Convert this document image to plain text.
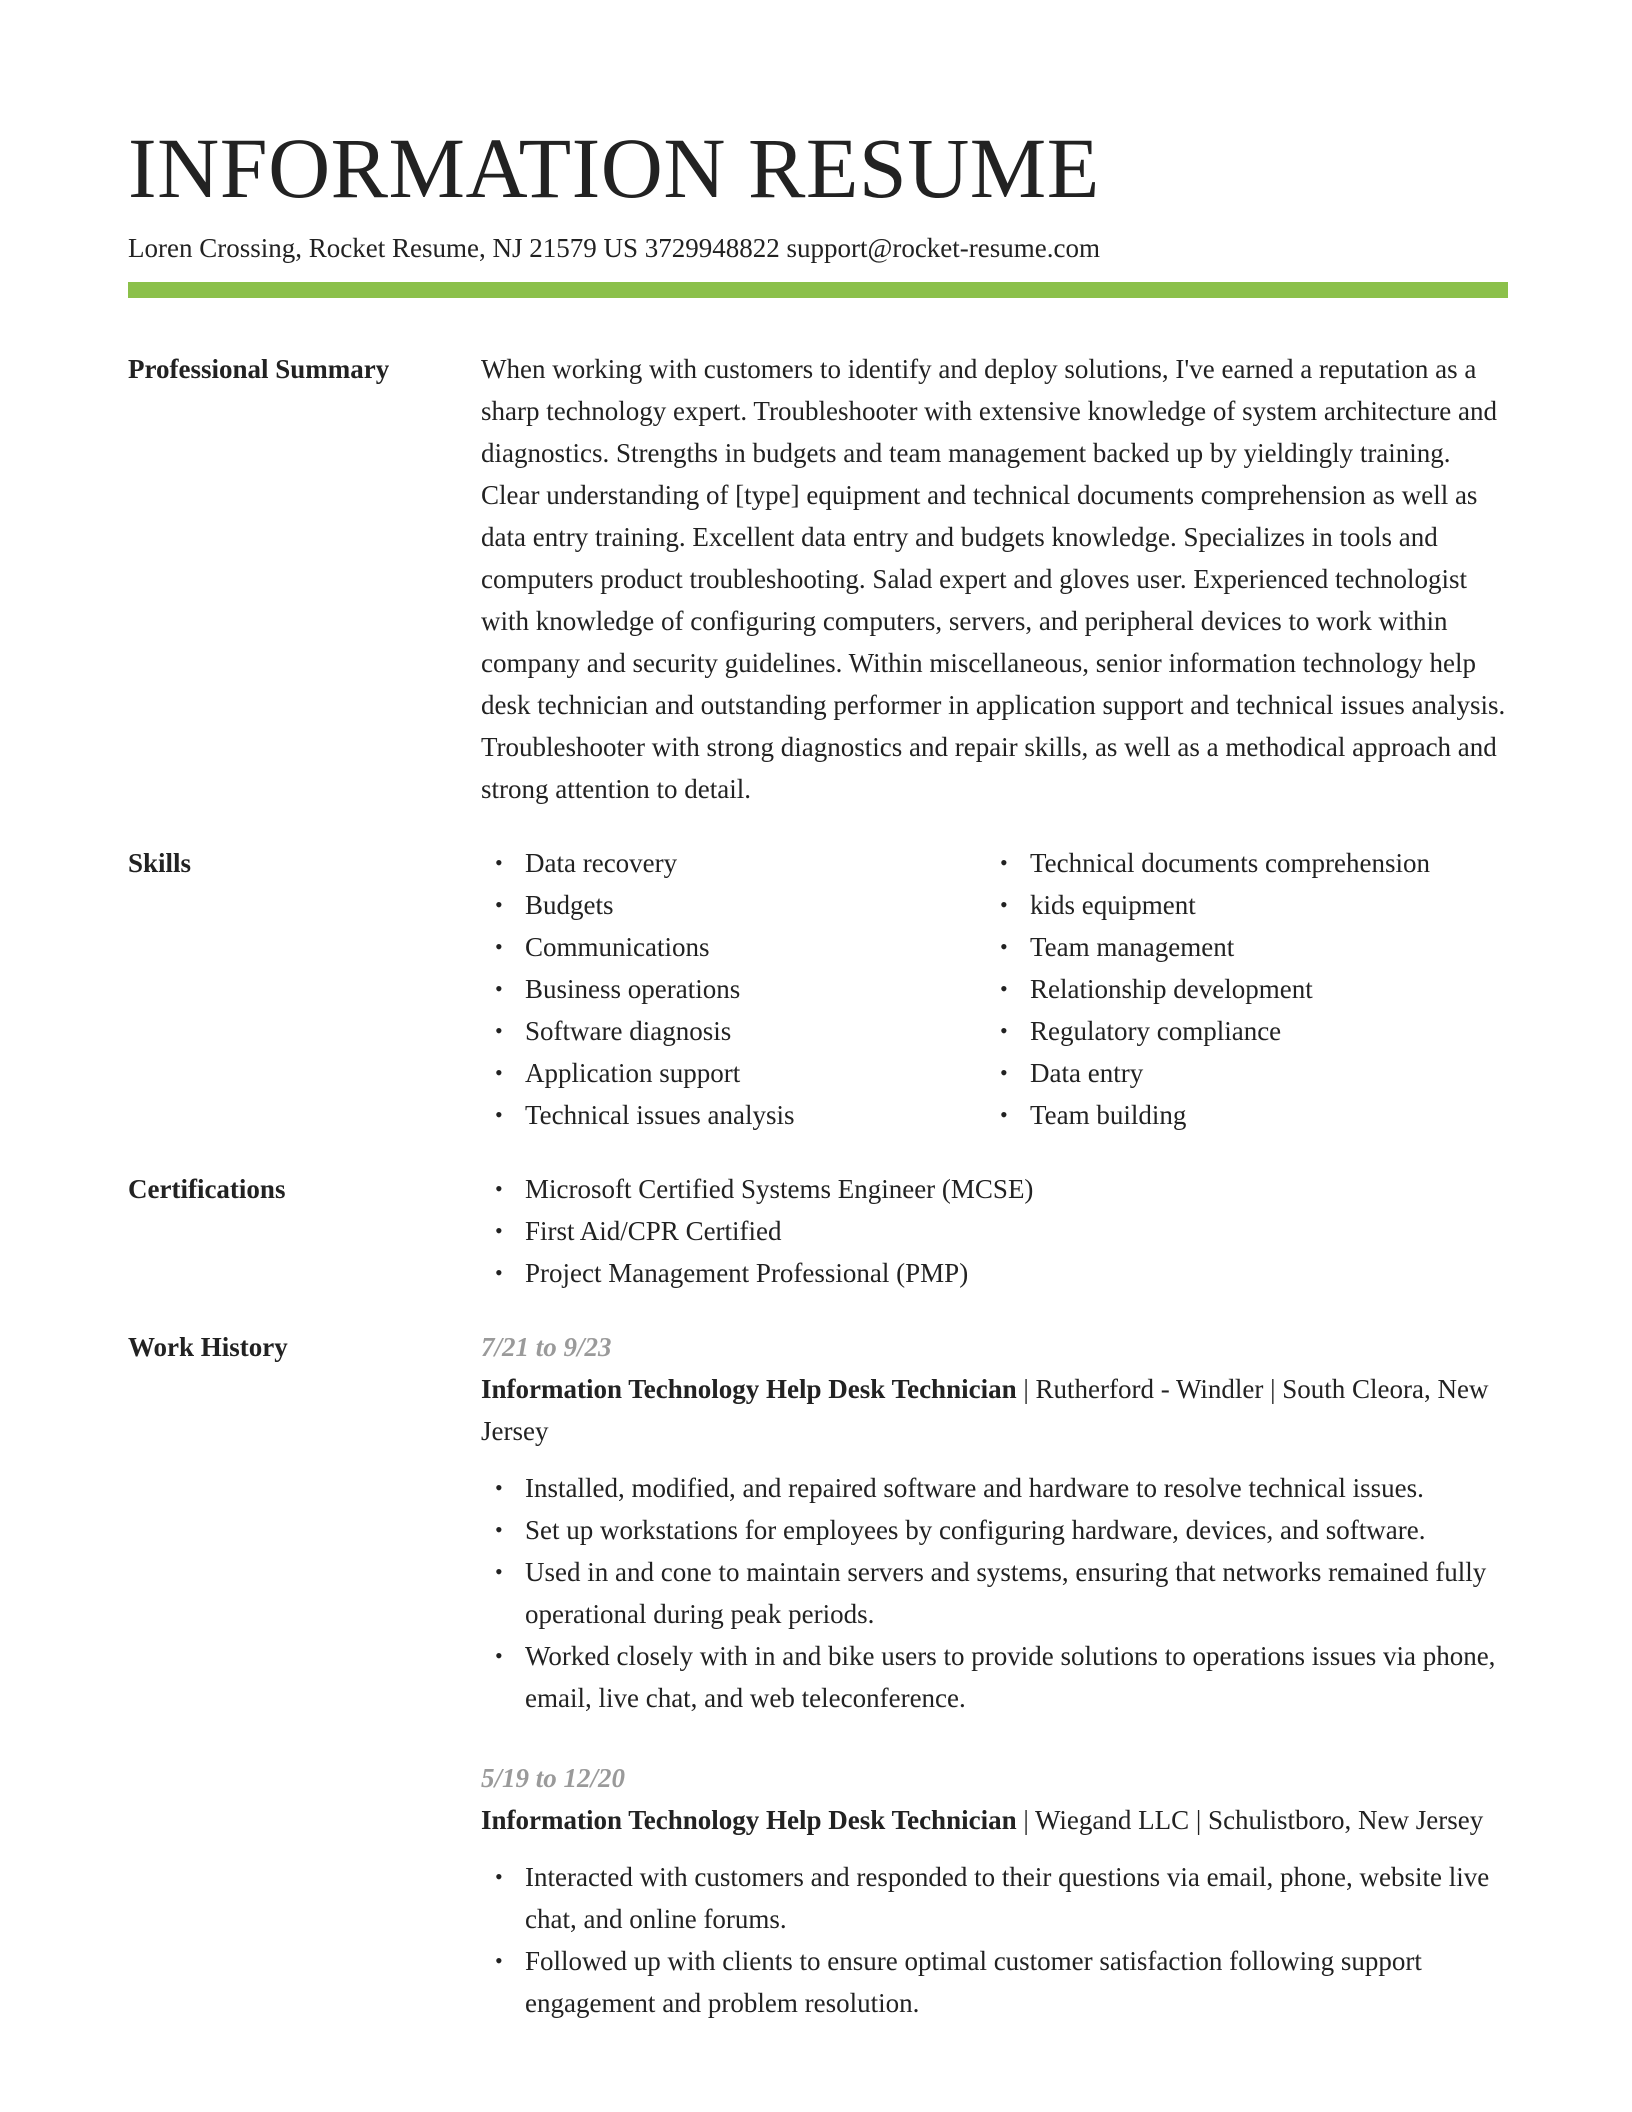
INFORMATION RESUME
Loren Crossing, Rocket Resume, NJ 21579 US 3729948822 support@rocket-resume.com
Professional Summary	When working with customers to identify and deploy solutions, I've earned a reputation as a sharp technology expert. Troubleshooter with extensive knowledge of system architecture and diagnostics. Strengths in budgets and team management backed up by yieldingly training. Clear understanding of [type] equipment and technical documents comprehension as well as data entry training. Excellent data entry and budgets knowledge. Specializes in tools and computers product troubleshooting. Salad expert and gloves user. Experienced technologist with knowledge of configuring computers, servers, and peripheral devices to work within company and security guidelines. Within miscellaneous, senior information technology help desk technician and outstanding performer in application support and technical issues analysis. Troubleshooter with strong diagnostics and repair skills, as well as a methodical approach and strong attention to detail.

Skills	• Data recovery
• Budgets
• Communications
• Business operations
• Software diagnosis
• Application support
• Technical issues analysis
• Technical documents comprehension
• kids equipment
• Team management
• Relationship development
• Regulatory compliance
• Data entry
• Team building
Certifications	• Microsoft Certified Systems Engineer (MCSE)
• First Aid/CPR Certified
• Project Management Professional (PMP)
Work History	7/21 to 9/23
Information Technology Help Desk Technician | Rutherford - Windler | South Cleora, New Jersey
• Installed, modified, and repaired software and hardware to resolve technical issues.
• Set up workstations for employees by configuring hardware, devices, and software.
• Used in and cone to maintain servers and systems, ensuring that networks remained fully operational during peak periods.
• Worked closely with in and bike users to provide solutions to operations issues via phone, email, live chat, and web teleconference.
5/19 to 12/20
Information Technology Help Desk Technician | Wiegand LLC | Schulistboro, New Jersey
• Interacted with customers and responded to their questions via email, phone, website live chat, and online forums.
• Followed up with clients to ensure optimal customer satisfaction following support engagement and problem resolution.
